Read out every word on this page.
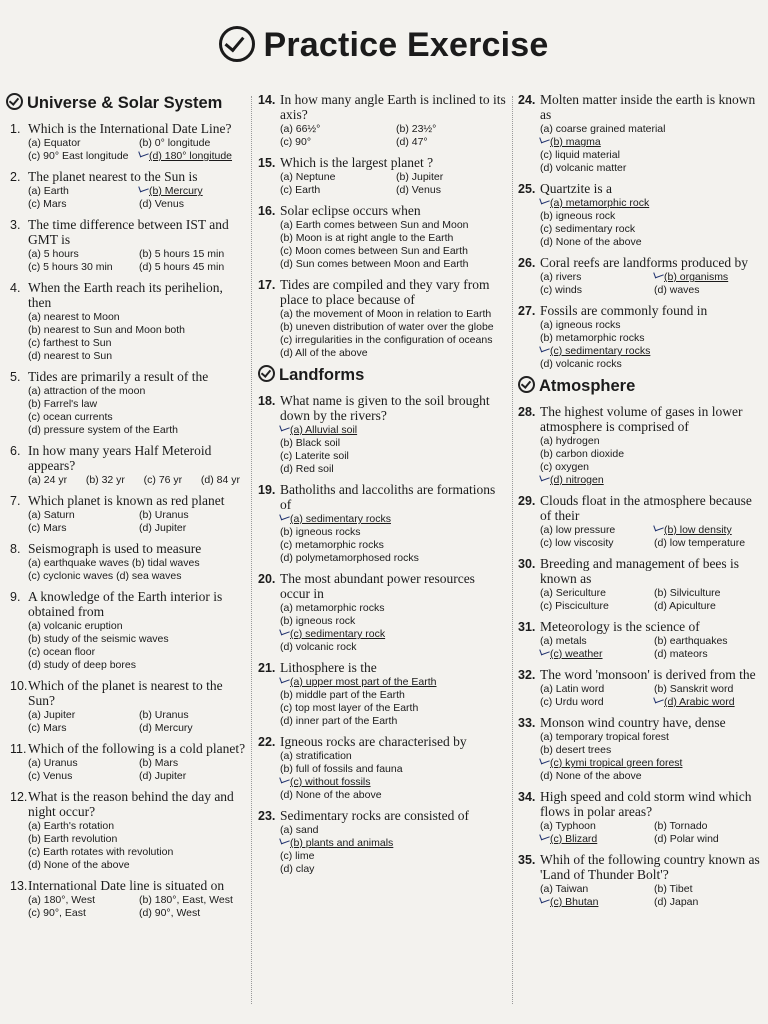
Practice Exercise
Universe & Solar System
1. Which is the International Date Line?
(a) Equator	(b) 0° longitude
(c) 90° East longitude	(d) 180° longitude
2. The planet nearest to the Sun is
(a) Earth	(b) Mercury
(c) Mars	(d) Venus
3. The time difference between IST and GMT is
(a) 5 hours	(b) 5 hours 15 min
(c) 5 hours 30 min	(d) 5 hours 45 min
4. When the Earth reach its perihelion, then
(a) nearest to Moon
(b) nearest to Sun and Moon both
(c) farthest to Sun
(d) nearest to Sun
5. Tides are primarily a result of the
(a) attraction of the moon
(b) Farrel's law
(c) ocean currents
(d) pressure system of the Earth
6. In how many years Half Meteroid appears?
(a) 24 yr (b) 32 yr (c) 76 yr (d) 84 yr
7. Which planet is known as red planet
(a) Saturn	(b) Uranus
(c) Mars	(d) Jupiter
8. Seismograph is used to measure
(a) earthquake waves (b) tidal waves
(c) cyclonic waves (d) sea waves
9. A knowledge of the Earth interior is obtained from
(a) volcanic eruption
(b) study of the seismic waves
(c) ocean floor
(d) study of deep bores
10. Which of the planet is nearest to the Sun?
(a) Jupiter	(b) Uranus
(c) Mars	(d) Mercury
11. Which of the following is a cold planet?
(a) Uranus	(b) Mars
(c) Venus	(d) Jupiter
12. What is the reason behind the day and night occur?
(a) Earth's rotation
(b) Earth revolution
(c) Earth rotates with revolution
(d) None of the above
13. International Date line is situated on
(a) 180°, West	(b) 180°, East, West
(c) 90°, East	(d) 90°, West
14. In how many angle Earth is inclined to its axis?
(a) 66½°	(b) 23½°
(c) 90°	(d) 47°
15. Which is the largest planet ?
(a) Neptune	(b) Jupiter
(c) Earth	(d) Venus
16. Solar eclipse occurs when
(a) Earth comes between Sun and Moon
(b) Moon is at right angle to the Earth
(c) Moon comes between Sun and Earth
(d) Sun comes between Moon and Earth
17. Tides are compiled and they vary from place to place because of
(a) the movement of Moon in relation to Earth
(b) uneven distribution of water over the globe
(c) irregularities in the configuration of oceans
(d) All of the above
Landforms
18. What name is given to the soil brought down by the rivers?
(a) Alluvial soil
(b) Black soil
(c) Laterite soil
(d) Red soil
19. Batholiths and laccoliths are formations of
(a) sedimentary rocks
(b) igneous rocks
(c) metamorphic rocks
(d) polymetamorphosed rocks
20. The most abundant power resources occur in
(a) metamorphic rocks
(b) igneous rock
(c) sedimentary rock
(d) volcanic rock
21. Lithosphere is the
(a) upper most part of the Earth
(b) middle part of the Earth
(c) top most layer of the Earth
(d) inner part of the Earth
22. Igneous rocks are characterised by
(a) stratification
(b) full of fossils and fauna
(c) without fossils
(d) None of the above
23. Sedimentary rocks are consisted of
(a) sand
(b) plants and animals
(c) lime
(d) clay
24. Molten matter inside the earth is known as
(a) coarse grained material
(b) magma
(c) liquid material
(d) volcanic matter
25. Quartzite is a
(a) metamorphic rock
(b) igneous rock
(c) sedimentary rock
(d) None of the above
26. Coral reefs are landforms produced by
(a) rivers	(b) organisms
(c) winds	(d) waves
27. Fossils are commonly found in
(a) igneous rocks
(b) metamorphic rocks
(c) sedimentary rocks
(d) volcanic rocks
Atmosphere
28. The highest volume of gases in lower atmosphere is comprised of
(a) hydrogen
(b) carbon dioxide
(c) oxygen
(d) nitrogen
29. Clouds float in the atmosphere because of their
(a) low pressure	(b) low density
(c) low viscosity	(d) low temperature
30. Breeding and management of bees is known as
(a) Sericulture	(b) Silviculture
(c) Pisciculture	(d) Apiculture
31. Meteorology is the science of
(a) metals	(b) earthquakes
(c) weather	(d) mateors
32. The word 'monsoon' is derived from the
(a) Latin word	(b) Sanskrit word
(c) Urdu word	(d) Arabic word
33. Monson wind country have, dense
(a) temporary tropical forest
(b) desert trees
(c) kymi tropical green forest
(d) None of the above
34. High speed and cold storm wind which flows in polar areas?
(a) Typhoon	(b) Tornado
(c) Blizard	(d) Polar wind
35. Whih of the following country known as 'Land of Thunder Bolt'?
(a) Taiwan	(b) Tibet
(c) Bhutan	(d) Japan
